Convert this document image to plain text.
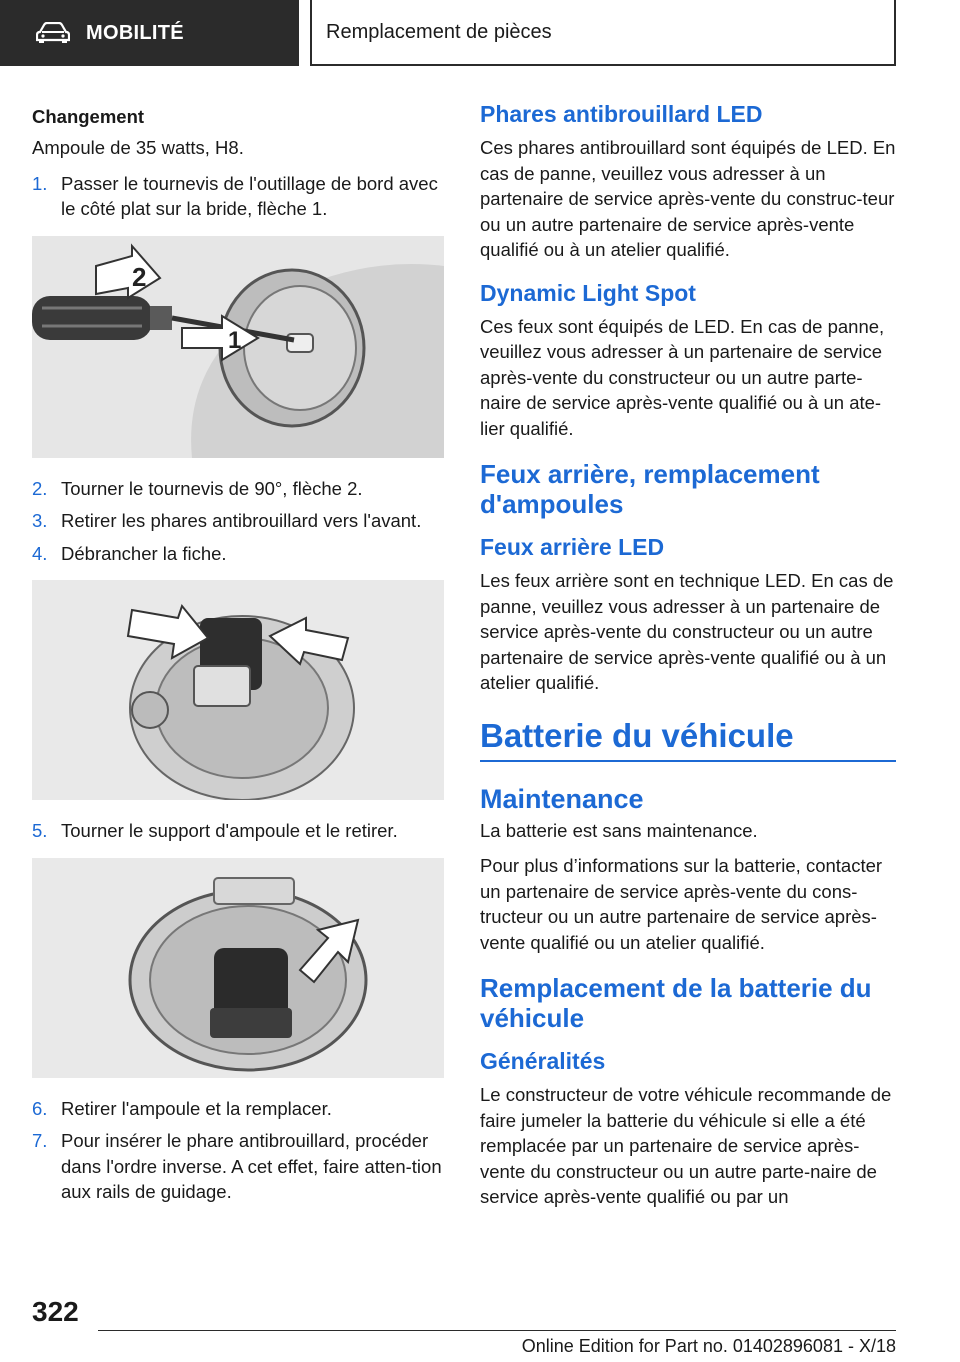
MOBILITÉ	Remplacement de pièces
Changement

Ampoule de 35 watts, H8.

1. Passer le tournevis de l'outillage de bord avec le côté plat sur la bride, flèche 1.
2
1
2. Tourner le tournevis de 90°, flèche 2.
3. Retirer les phares antibrouillard vers l'avant.
4. Débrancher la fiche.
5. Tourner le support d'ampoule et le retirer.
6. Retirer l'ampoule et la remplacer.
7. Pour insérer le phare antibrouillard, procéder dans l'ordre inverse. A cet effet, faire atten‐tion aux rails de guidage.
Phares antibrouillard LED

Ces phares antibrouillard sont équipés de LED. En cas de panne, veuillez vous adresser à un partenaire de service après-vente du construc‐teur ou un autre partenaire de service après-vente qualifié ou à un atelier qualifié.

Dynamic Light Spot

Ces feux sont équipés de LED. En cas de panne, veuillez vous adresser à un partenaire de service après-vente du constructeur ou un autre parte‐naire de service après-vente qualifié ou à un ate‐lier qualifié.

Feux arrière, remplacement d'ampoules
Feux arrière LED

Les feux arrière sont en technique LED. En cas de panne, veuillez vous adresser à un partenaire de service après-vente du constructeur ou un autre partenaire de service après-vente qualifié ou à un atelier qualifié.

Batterie du véhicule
Maintenance

La batterie est sans maintenance.

Pour plus d’informations sur la batterie, contacter un partenaire de service après-vente du cons‐tructeur ou un autre partenaire de service après-vente qualifié ou un atelier qualifié.

Remplacement de la batterie du véhicule
Généralités

Le constructeur de votre véhicule recommande de faire jumeler la batterie du véhicule si elle a été remplacée par un partenaire de service après-vente du constructeur ou un autre parte‐naire de service après-vente qualifié ou par un

322
Online Edition for Part no. 01402896081 - X/18
